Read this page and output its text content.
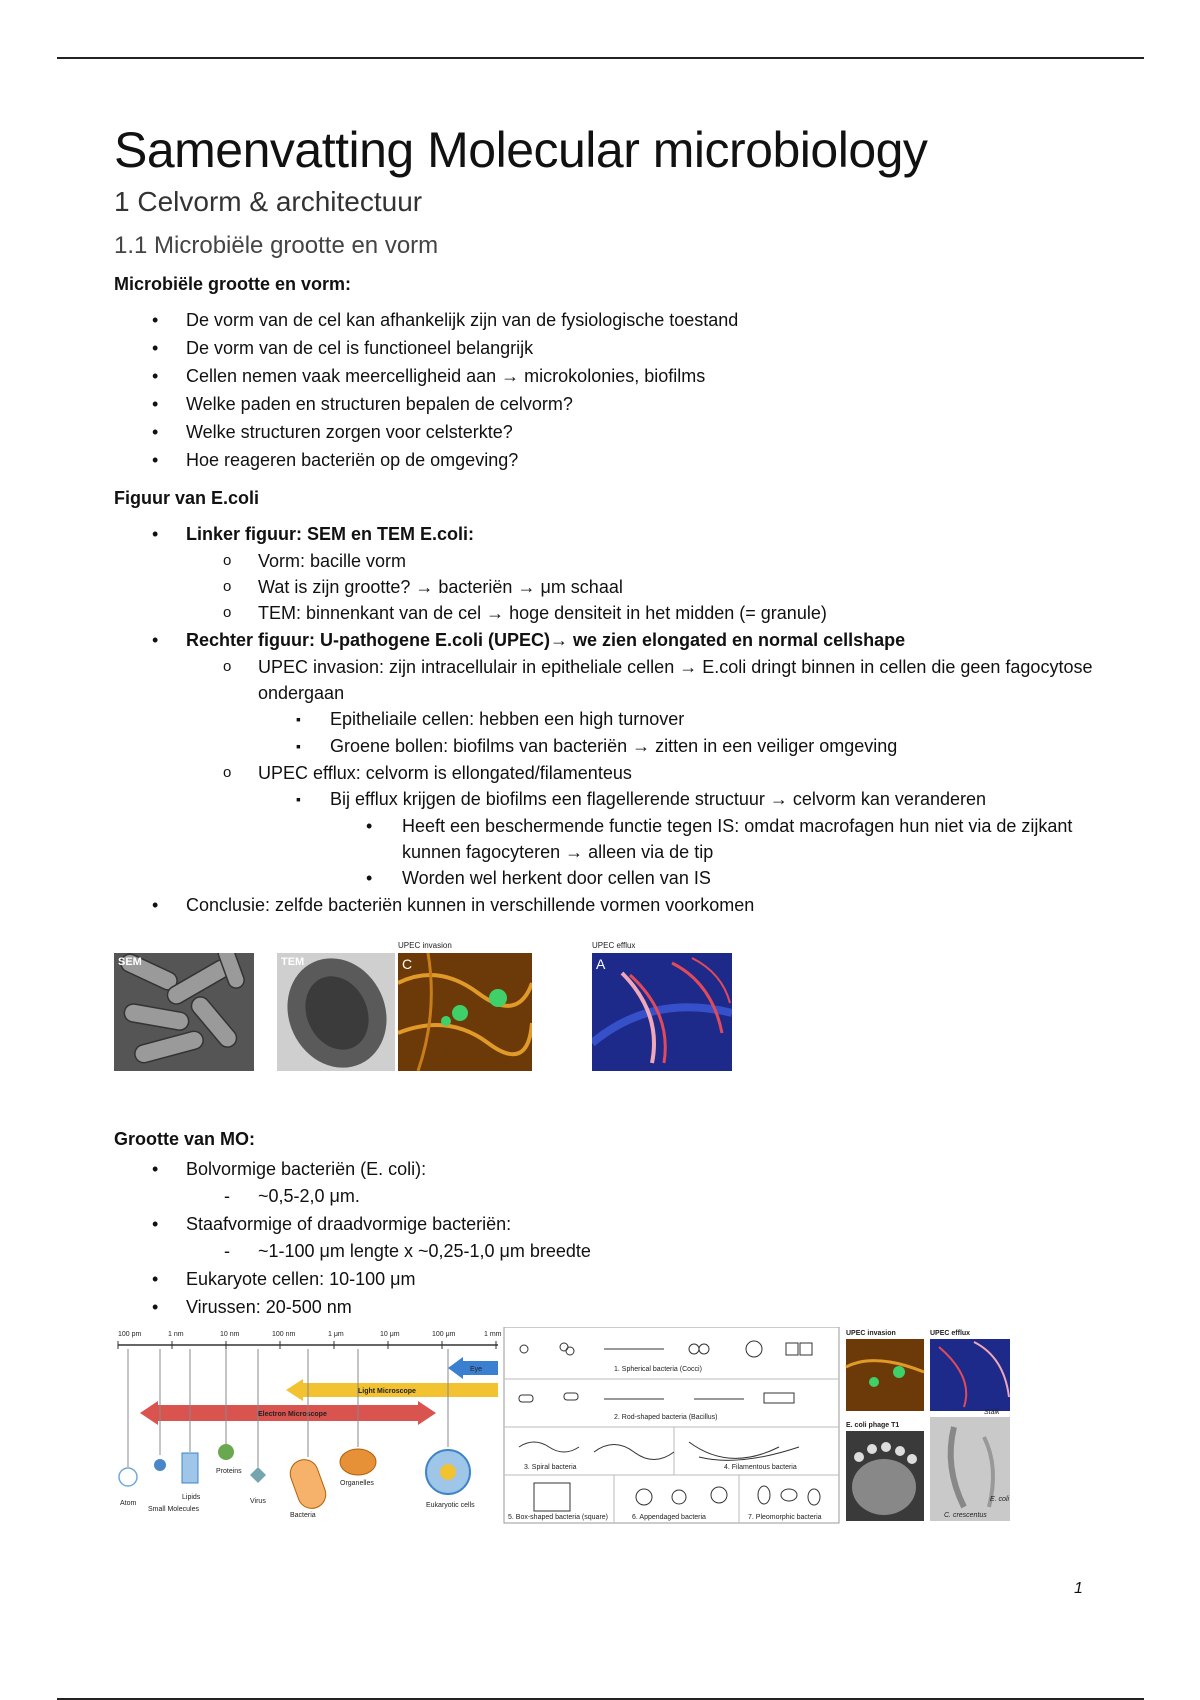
Samenvatting Molecular microbiology
1 Celvorm & architectuur
1.1 Microbiële grootte en vorm
Microbiële grootte en vorm:
• De vorm van de cel kan afhankelijk zijn van de fysiologische toestand
• De vorm van de cel is functioneel belangrijk
• Cellen nemen vaak meercelligheid aan → microkolonies, biofilms
• Welke paden en structuren bepalen de celvorm?
• Welke structuren zorgen voor celsterkte?
• Hoe reageren bacteriën op de omgeving?
Figuur van E.coli
• Linker figuur: SEM en TEM E.coli:
o Vorm: bacille vorm
o Wat is zijn grootte? → bacteriën → μm schaal
o TEM: binnenkant van de cel → hoge densiteit in het midden (= granule)
• Rechter figuur: U-pathogene E.coli (UPEC)→ we zien elongated en normal cellshape
o UPEC invasion: zijn intracellulair in epitheliale cellen → E.coli dringt binnen in cellen die geen fagocytose ondergaan
▪ Epitheliaile cellen: hebben een high turnover
▪ Groene bollen: biofilms van bacteriën → zitten in een veiliger omgeving
o UPEC efflux: celvorm is ellongated/filamenteus
▪ Bij efflux krijgen de biofilms een flagellerende structuur → celvorm kan veranderen
• Heeft een beschermende functie tegen IS: omdat macrofagen hun niet via de zijkant kunnen fagocyteren → alleen via de tip
• Worden wel herkent door cellen van IS
• Conclusie: zelfde bacteriën kunnen in verschillende vormen voorkomen
SEM	TEM
UPEC invasion
C
UPEC efflux
A
Grootte van MO:
• Bolvormige bacteriën (E. coli):
- ~0,5-2,0 μm.
• Staafvormige of draadvormige bacteriën:
- ~1-100 μm lengte x ~0,25-1,0 μm breedte
• Eukaryote cellen: 10-100 μm
• Virussen: 20-500 nm
100 pm	1 nm	10 nm	100 nm	1 μm	10 μm	100 μm	1 mm
Eye
Light Microscope
Electron Microscope
Atom
Small Molecules
Lipids
Proteins
Virus
Bacteria
Organelles
Eukaryotic cells
1. Spherical bacteria (Cocci)
2. Rod-shaped bacteria (Bacillus)
3. Spiral bacteria	4. Filamentous bacteria
5. Box-shaped bacteria (square)	6. Appendaged bacteria	7. Pleomorphic bacteria
UPEC invasion	UPEC efflux
E. coli phage T1
Stalk
E. coli
C. crescentus
1
